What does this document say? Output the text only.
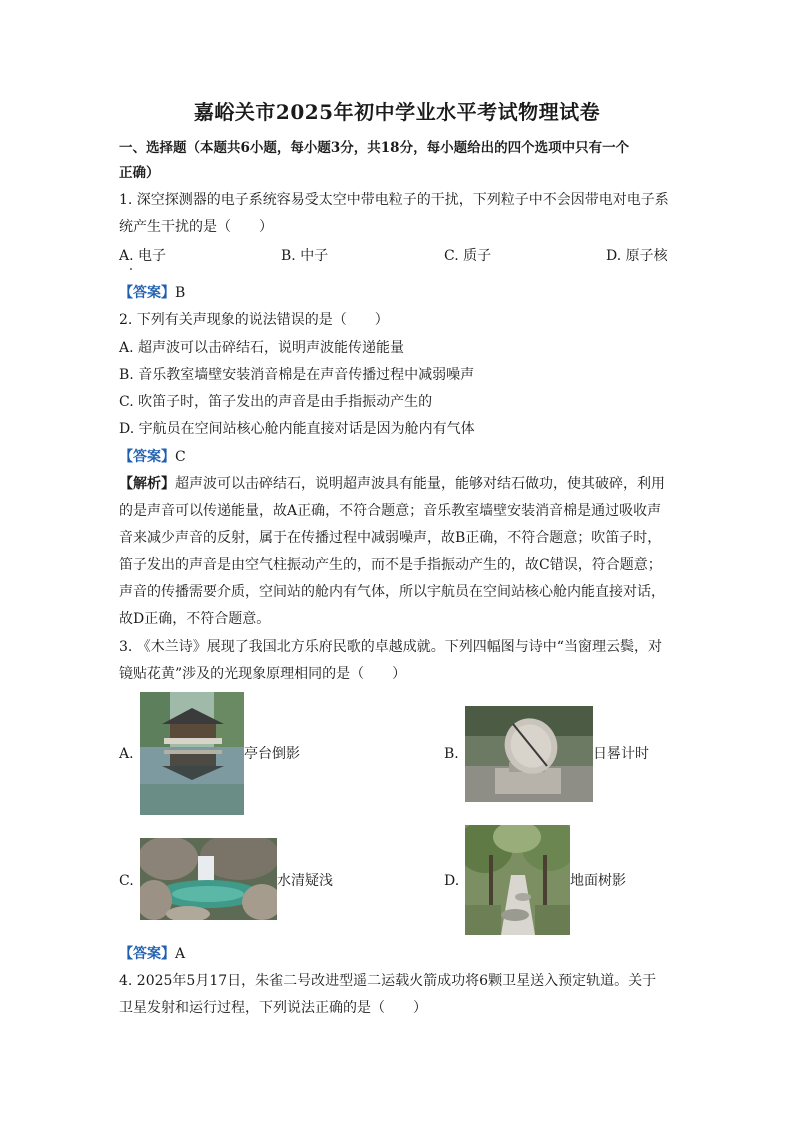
嘉峪关市2025年初中学业水平考试物理试卷
一、选择题（本题共6小题，每小题3分，共18分，每小题给出的四个选项中只有一个
正确）
1. 深空探测器的电子系统容易受太空中带电粒子的干扰，下列粒子中不会因带电对电子系
统产生干扰的是（　　）
A. 电子	B. 中子	C. 质子	D. 原子核
【答案】B
2. 下列有关声现象的说法错误的是（　　）
A. 超声波可以击碎结石，说明声波能传递能量
B. 音乐教室墙壁安装消音棉是在声音传播过程中减弱噪声
C. 吹笛子时，笛子发出的声音是由手指振动产生的
D. 宇航员在空间站核心舱内能直接对话是因为舱内有气体
【答案】C
【解析】超声波可以击碎结石，说明超声波具有能量，能够对结石做功，使其破碎，利用
的是声音可以传递能量，故A正确，不符合题意；音乐教室墙壁安装消音棉是通过吸收声
音来减少声音的反射，属于在传播过程中减弱噪声，故B正确，不符合题意；吹笛子时，
笛子发出的声音是由空气柱振动产生的，而不是手指振动产生的，故C错误，符合题意；
声音的传播需要介质，空间站的舱内有气体，所以宇航员在空间站核心舱内能直接对话，
故D正确，不符合题意。
3. 《木兰诗》展现了我国北方乐府民歌的卓越成就。下列四幅图与诗中“当窗理云鬓，对
镜贴花黄”涉及的光现象原理相同的是（　　）
A.	亭台倒影	B.	日晷计时
C.	水清疑浅	D.	地面树影
【答案】A
4. 2025年5月17日，朱雀二号改进型遥二运载火箭成功将6颗卫星送入预定轨道。关于
卫星发射和运行过程，下列说法正确的是（　　）
